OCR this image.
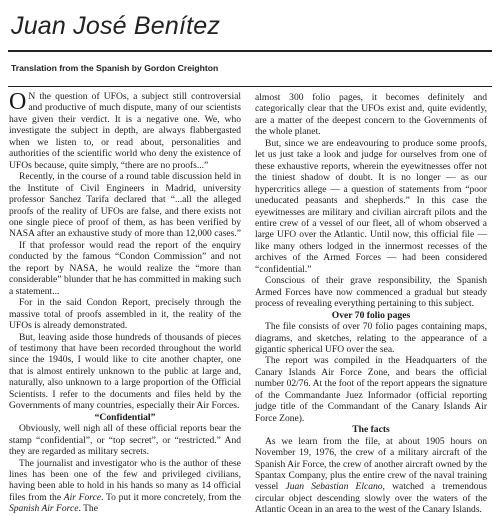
Juan José Benítez
Translation from the Spanish by Gordon Creighton

O N the question of UFOs, a subject still controversial and productive of much dispute, many of our scientists have given their verdict. It is a negative one. We, who investigate the subject in depth, are always flabbergasted when we listen to, or read about, personalities and authorities of the scientific world who deny the existence of UFOs because, quite simply, “there are no proofs...”

Recently, in the course of a round table discussion held in the Institute of Civil Engineers in Madrid, university professor Sanchez Tarifa declared that “...all the alleged proofs of the reality of UFOs are false, and there exists not one single piece of proof of them, as has been verified by NASA after an exhaustive study of more than 12,000 cases.”

If that professor would read the report of the enquiry conducted by the famous “Condon Commission” and not the report by NASA, he would realize the “more than considerable” blunder that he has committed in making such a statement...

For in the said Condon Report, precisely through the massive total of proofs assembled in it, the reality of the UFOs is already demonstrated.

But, leaving aside those hundreds of thousands of pieces of testimony that have been recorded throughout the world since the 1940s, I would like to cite another chapter, one that is almost entirely unknown to the public at large and, naturally, also unknown to a large proportion of the Official Scientists. I refer to the documents and files held by the Governments of many countries, especially their Air Forces.

“Confidential”

Obviously, well nigh all of these official reports bear the stamp “confidential”, or “top secret”, or “restricted.” And they are regarded as military secrets.

The journalist and investigator who is the author of these lines has been one of the few and privileged civilians, having been able to hold in his hands so many as 14 official files from the Air Force. To put it more concretely, from the Spanish Air Force. The

almost 300 folio pages, it becomes definitely and categorically clear that the UFOs exist and, quite evidently, are a matter of the deepest concern to the Governments of the whole planet.

But, since we are endeavouring to produce some proofs, let us just take a look and judge for ourselves from one of these exhaustive reports, wherein the eyewitnesses offer not the tiniest shadow of doubt. It is no longer — as our hypercritics allege — a question of statements from “poor uneducated peasants and shepherds.” In this case the eyewitnesses are military and civilian aircraft pilots and the entire crew of a vessel of our fleet, all of whom observed a large UFO over the Atlantic. Until now, this official file — like many others lodged in the innermost recesses of the archives of the Armed Forces — had been considered “confidential.”

Conscious of their grave responsibility, the Spanish Armed Forces have now commenced a gradual but steady process of revealing everything pertaining to this subject.

Over 70 folio pages

The file consists of over 70 folio pages containing maps, diagrams, and sketches, relating to the appearance of a gigantic spherical UFO over the sea.

The report was compiled in the Headquarters of the Canary Islands Air Force Zone, and bears the official number 02/76. At the foot of the report appears the signature of the Commandante Juez Informador (official reporting judge title of the Commandant of the Canary Islands Air Force Zone).

The facts

As we learn from the file, at about 1905 hours on November 19, 1976, the crew of a military aircraft of the Spanish Air Force, the crew of another aircraft owned by the Spantax Company, plus the entire crew of the naval training vessel Juan Sebastian Elcano, watched a tremendous circular object descending slowly over the waters of the Atlantic Ocean in an area to the west of the Canary Islands.
